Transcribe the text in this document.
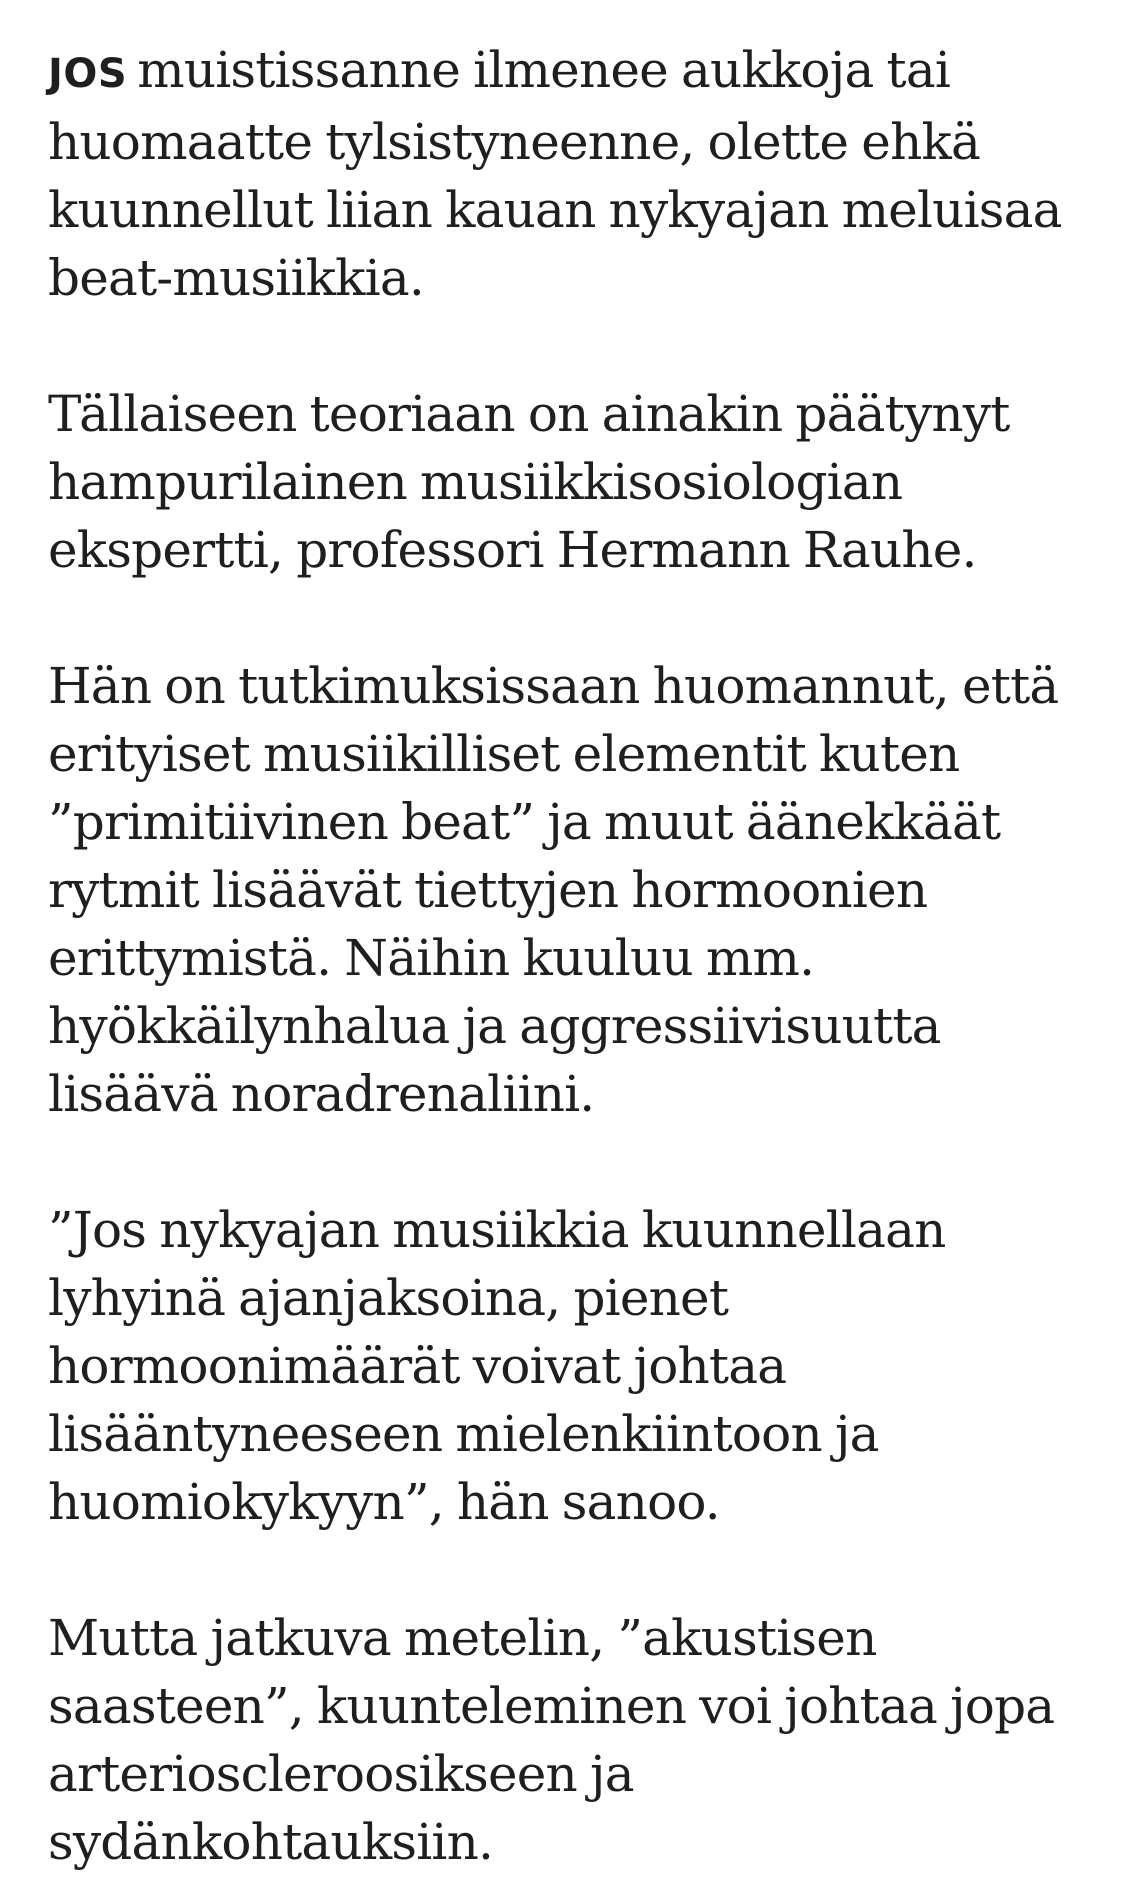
JOS muistissanne ilmenee aukkoja tai huomaatte tylsistyneenne, olette ehkä kuunnellut liian kauan nykyajan meluisaa beat-musiikkia.

Tällaiseen teoriaan on ainakin päätynyt hampurilainen musiikkisosiologian ekspertti, professori Hermann Rauhe.

Hän on tutkimuksissaan huomannut, että erityiset musiikilliset elementit kuten ”primitiivinen beat” ja muut äänekkäät rytmit lisäävät tiettyjen hormoonien erittymistä. Näihin kuuluu mm. hyökkäilynhalua ja aggressiivisuutta lisäävä noradrenaliini.

”Jos nykyajan musiikkia kuunnellaan lyhyinä ajanjaksoina, pienet hormoonimäärät voivat johtaa lisääntyneeseen mielenkiintoon ja huomiokykyyn”, hän sanoo.

Mutta jatkuva metelin, ”akustisen saasteen”, kuunteleminen voi johtaa jopa arterioscleroosikseen ja sydänkohtauksiin.
